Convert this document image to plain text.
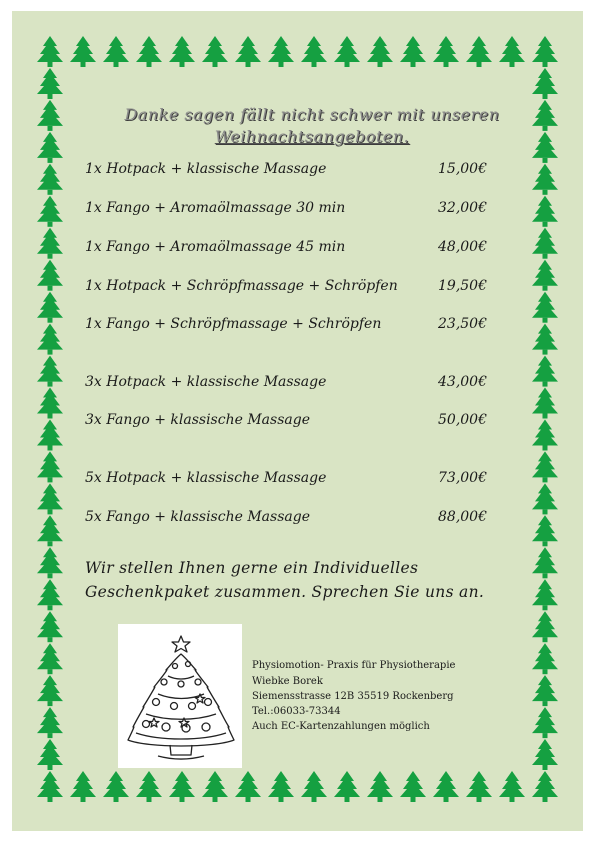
Danke sagen fällt nicht schwer mit unseren
Weihnachtsangeboten.
1x Hotpack + klassische Massage	15,00€
1x Fango + Aromaölmassage 30 min	32,00€
1x Fango + Aromaölmassage 45 min	48,00€
1x Hotpack + Schröpfmassage + Schröpfen	19,50€
1x Fango + Schröpfmassage + Schröpfen	23,50€
3x Hotpack + klassische Massage	43,00€
3x Fango + klassische Massage	50,00€
5x Hotpack + klassische Massage	73,00€
5x Fango + klassische Massage	88,00€
Wir stellen Ihnen gerne ein Individuelles
Geschenkpaket zusammen. Sprechen Sie uns an.
Physiomotion- Praxis für Physiotherapie
Wiebke Borek
Siemensstrasse 12B 35519 Rockenberg
Tel.:06033-73344
Auch EC-Kartenzahlungen möglich
